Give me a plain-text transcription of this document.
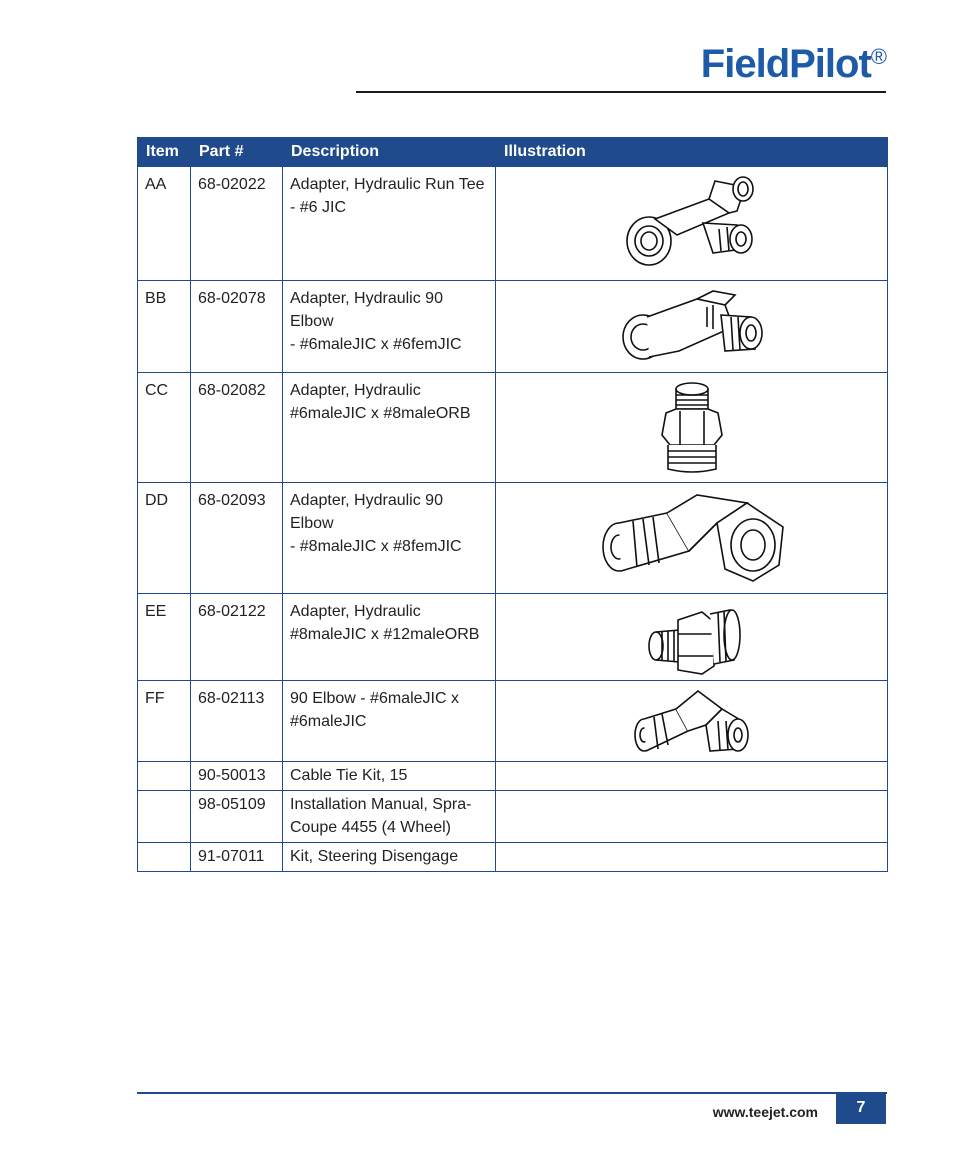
FieldPilot®
Item	Part #	Description	Illustration
AA	68-02022	Adapter, Hydraulic Run Tee
- #6 JIC	

BB	68-02078	Adapter, Hydraulic 90 Elbow
- #6maleJIC x #6femJIC	

CC	68-02082	Adapter, Hydraulic
#6maleJIC x #8maleORB	

DD	68-02093	Adapter, Hydraulic 90 Elbow
- #8maleJIC x #8femJIC	

EE	68-02122	Adapter, Hydraulic
#8maleJIC x #12maleORB	

FF	68-02113	90 Elbow - #6maleJIC x
#6maleJIC	

	90-50013	Cable Tie Kit, 15	
	98-05109	Installation Manual, Spra-
Coupe 4455 (4 Wheel)	
	91-07011	Kit, Steering Disengage	
www.teejet.com	7
